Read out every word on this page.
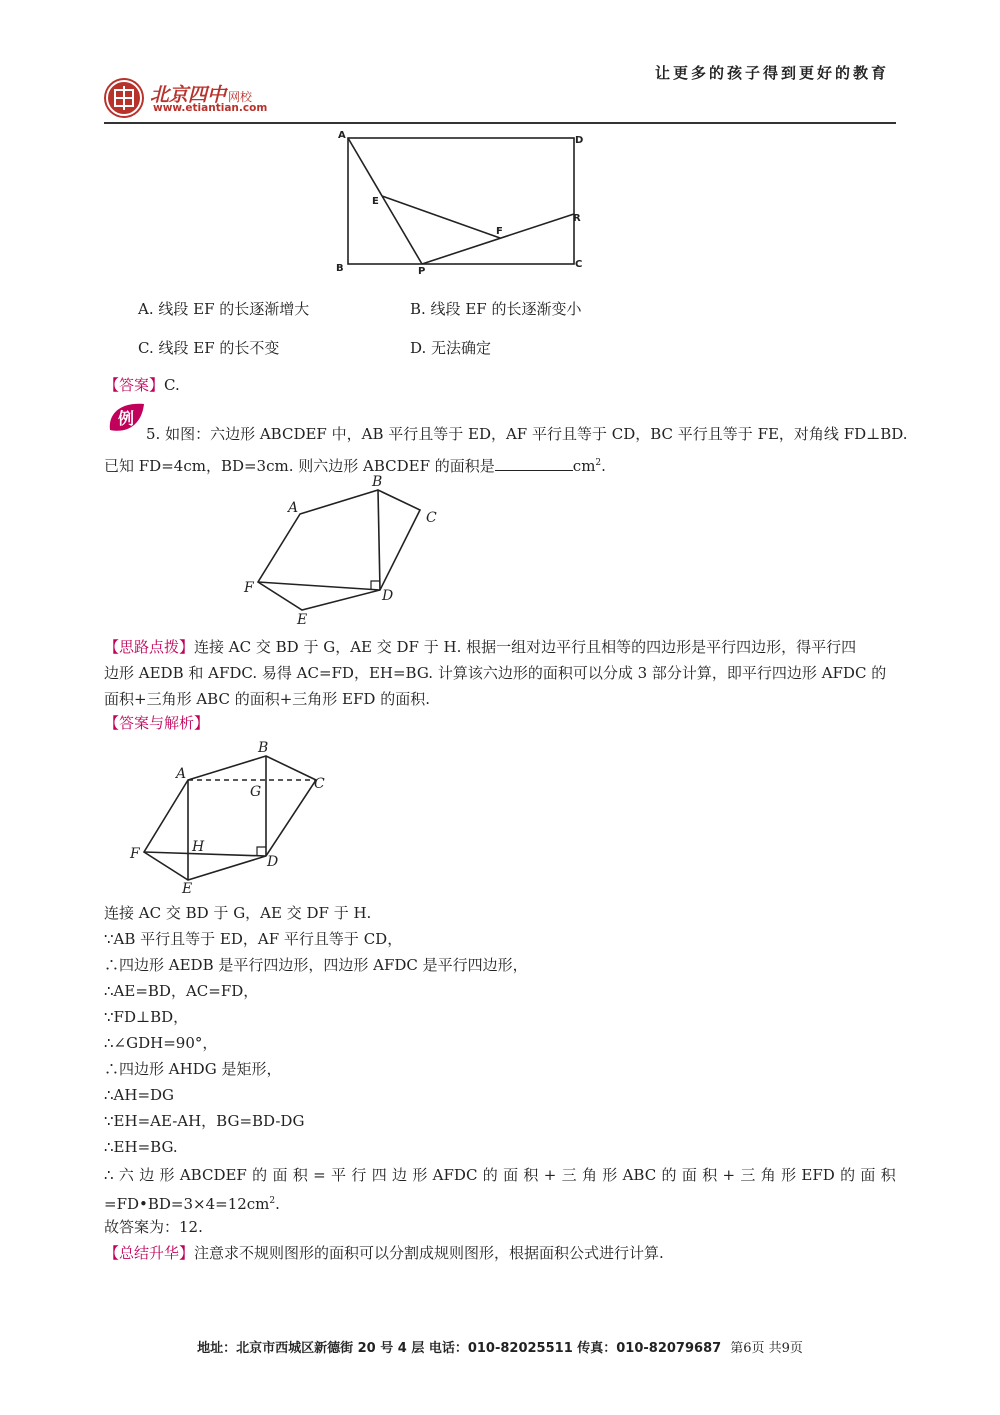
北京四中 网校
www.etiantian.com
让更多的孩子得到更好的教育
A	D
E
F
R
B	P
C
A. 线段 EF 的长逐渐增大	B. 线段 EF 的长逐渐变小
C. 线段 EF 的长不变	D. 无法确定
【答案】C.
例
5. 如图：六边形 ABCDEF 中，AB 平行且等于 ED，AF 平行且等于 CD，BC 平行且等于 FE，对角线 FD⊥BD.
已知 FD=4cm，BD=3cm. 则六边形 ABCDEF 的面积是	$cm^2$.
A
B
C
D
E
F
【思路点拨】连接 AC 交 BD 于 G，AE 交 DF 于 H. 根据一组对边平行且相等的四边形是平行四边形，得平行四
边形 AEDB 和 AFDC. 易得 AC=FD，EH=BG. 计算该六边形的面积可以分成 3 部分计算，即平行四边形 AFDC 的
面积+三角形 ABC 的面积+三角形 EFD 的面积.
【答案与解析】
A
B
C
D
E
F
G
H
连接 AC 交 BD 于 G，AE 交 DF 于 H.
∵AB 平行且等于 ED，AF 平行且等于 CD，
∴四边形 AEDB 是平行四边形，四边形 AFDC 是平行四边形，
∴AE=BD，AC=FD，
∵FD⊥BD，
∴∠GDH=90°，
∴四边形 AHDG 是矩形，
∴AH=DG
∵EH=AE-AH，BG=BD-DG
∴EH=BG.
∴ 六 边 形 ABCDEF 的 面 积 = 平 行 四 边 形 AFDC 的 面 积 + 三 角 形 ABC 的 面 积 + 三 角 形 EFD 的 面 积
$=FD•BD=3\times 4=12cm^2$.
故答案为：12.
【总结升华】注意求不规则图形的面积可以分割成规则图形，根据面积公式进行计算.
地址：北京市西城区新德街 20 号 4 层 电话：010-82025511 传真：010-82079687 第6页 共9页
